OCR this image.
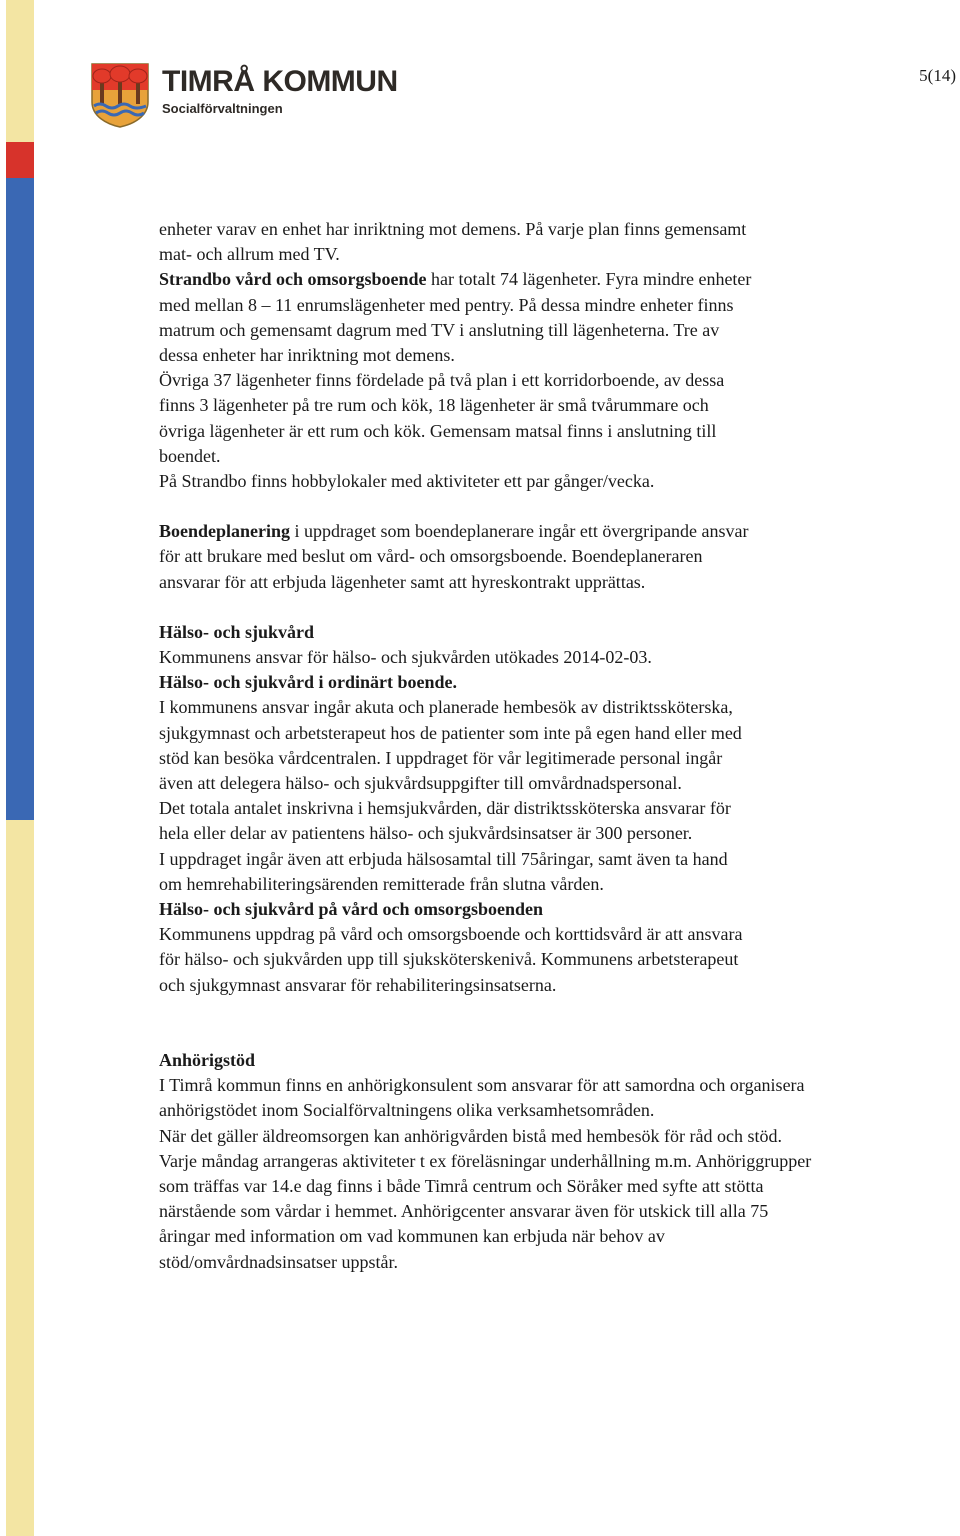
TIMRÅ KOMMUN
Socialförvaltningen
5(14)

enheter varav en enhet har inriktning mot demens. På varje plan finns gemensamt

mat- och allrum med TV.

Strandbo vård och omsorgsboende har totalt 74 lägenheter. Fyra mindre enheter

med mellan 8 – 11 enrumslägenheter med pentry. På dessa mindre enheter finns

matrum och gemensamt dagrum med TV i anslutning till lägenheterna. Tre av

dessa enheter har inriktning mot demens.

Övriga 37 lägenheter finns fördelade på två plan i ett korridorboende, av dessa

finns 3 lägenheter på tre rum och kök, 18 lägenheter är små tvårummare och

övriga lägenheter är ett rum och kök. Gemensam matsal finns i anslutning till

boendet.

På Strandbo finns hobbylokaler med aktiviteter ett par gånger/vecka.

Boendeplanering i uppdraget som boendeplanerare ingår ett övergripande ansvar

för att brukare med beslut om vård- och omsorgsboende. Boendeplaneraren

ansvarar för att erbjuda lägenheter samt att hyreskontrakt upprättas.

Hälso- och sjukvård

Kommunens ansvar för hälso- och sjukvården utökades 2014-02-03.

Hälso- och sjukvård i ordinärt boende.

I kommunens ansvar ingår akuta och planerade hembesök av distriktssköterska,

sjukgymnast och arbetsterapeut hos de patienter som inte på egen hand eller med

stöd kan besöka vårdcentralen. I uppdraget för vår legitimerade personal ingår

även att delegera hälso- och sjukvårdsuppgifter till omvårdnadspersonal.

Det totala antalet inskrivna i hemsjukvården, där distriktssköterska ansvarar för

hela eller delar av patientens hälso- och sjukvårdsinsatser är 300 personer.

I uppdraget ingår även att erbjuda hälsosamtal till 75åringar, samt även ta hand

om hemrehabiliteringsärenden remitterade från slutna vården.

Hälso- och sjukvård på vård och omsorgsboenden

Kommunens uppdrag på vård och omsorgsboende och korttidsvård är att ansvara

för hälso- och sjukvården upp till sjuksköterskenivå. Kommunens arbetsterapeut

och sjukgymnast ansvarar för rehabiliteringsinsatserna.

Anhörigstöd

I Timrå kommun finns en anhörigkonsulent som ansvarar för att samordna och organisera

anhörigstödet inom Socialförvaltningens olika verksamhetsområden.

När det gäller äldreomsorgen kan anhörigvården bistå med hembesök för råd och stöd.

Varje måndag arrangeras aktiviteter t ex föreläsningar underhållning m.m. Anhöriggrupper

som träffas var 14.e dag finns i både Timrå centrum och Söråker med syfte att stötta

närstående som vårdar i hemmet. Anhörigcenter ansvarar även för utskick till alla 75

åringar med information om vad kommunen kan erbjuda när behov av

stöd/omvårdnadsinsatser uppstår.
